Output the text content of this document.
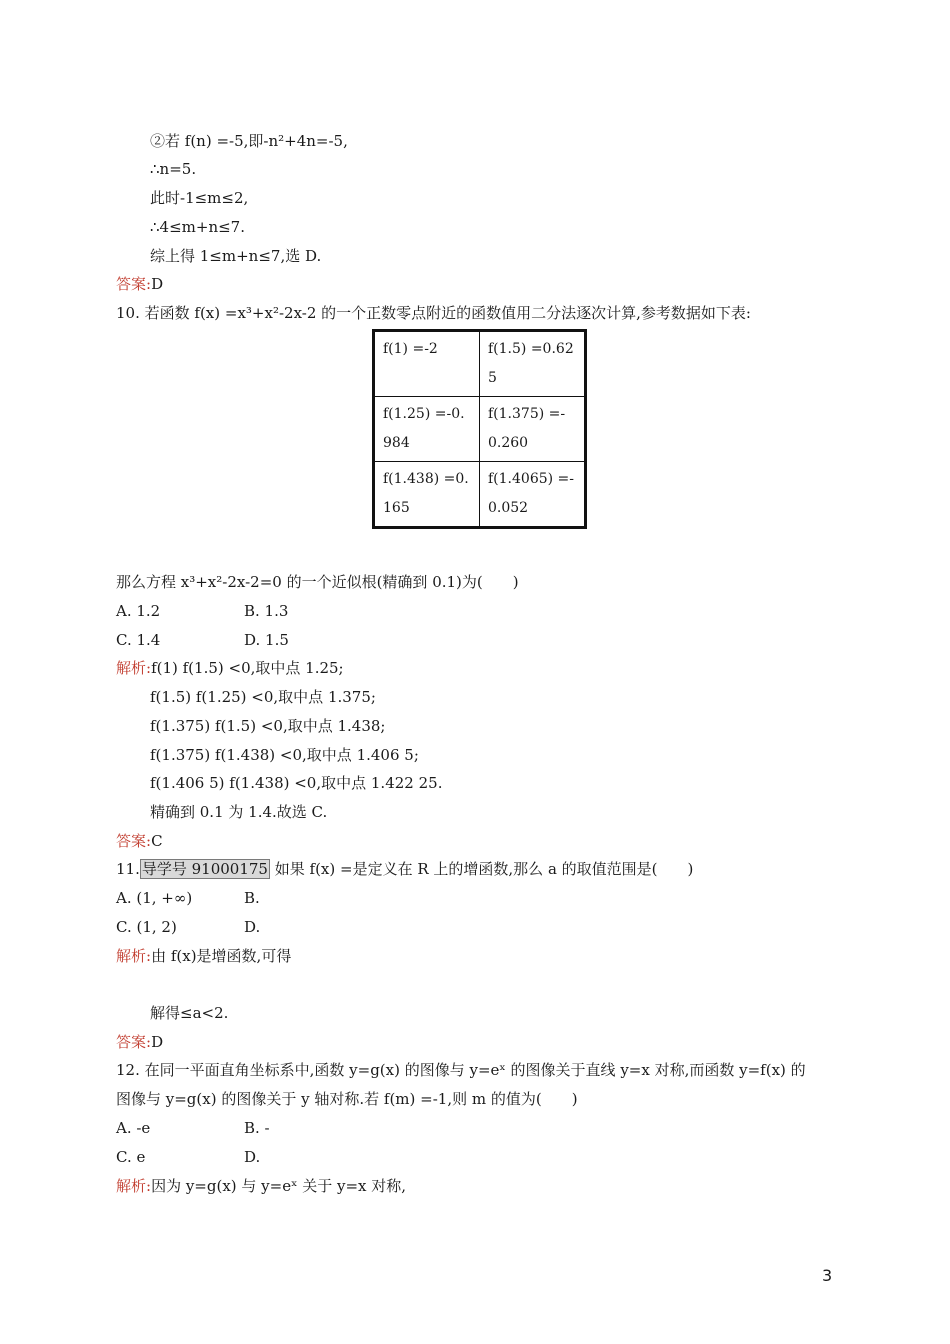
②若 f(n) =-5,即-n²+4n=-5,
∴n=5.
此时-1≤m≤2,
∴4≤m+n≤7.
综上得 1≤m+n≤7,选 D.
答案:D
10. 若函数 f(x) =x³+x²-2x-2 的一个正数零点附近的函数值用二分法逐次计算,参考数据如下表:
f(1) =-2	f(1.5) =0.625
f(1.25) =-0.984	f(1.375) =-0.260
f(1.438) =0.165	f(1.4065) =-0.052
那么方程 x³+x²-2x-2=0 的一个近似根(精确到 0.1)为(　　)
A. 1.2	B. 1.3
C. 1.4	D. 1.5
解析:f(1) f(1.5) <0,取中点 1.25;
f(1.5) f(1.25) <0,取中点 1.375;
f(1.375) f(1.5) <0,取中点 1.438;
f(1.375) f(1.438) <0,取中点 1.406 5;
f(1.406 5) f(1.438) <0,取中点 1.422 25.
精确到 0.1 为 1.4.故选 C.
答案:C
11. 导学号 91000175 如果 f(x) =是定义在 R 上的增函数,那么 a 的取值范围是(　　)
A. (1, +∞)	B.
C. (1, 2)	D.
解析:由 f(x)是增函数,可得
解得≤a<2.
答案:D
12. 在同一平面直角坐标系中,函数 y=g(x) 的图像与 y=eˣ 的图像关于直线 y=x 对称,而函数 y=f(x) 的
图像与 y=g(x) 的图像关于 y 轴对称.若 f(m) =-1,则 m 的值为(　　)
A. -e	B. -
C. e	D.
解析:因为 y=g(x) 与 y=eˣ 关于 y=x 对称,
3
